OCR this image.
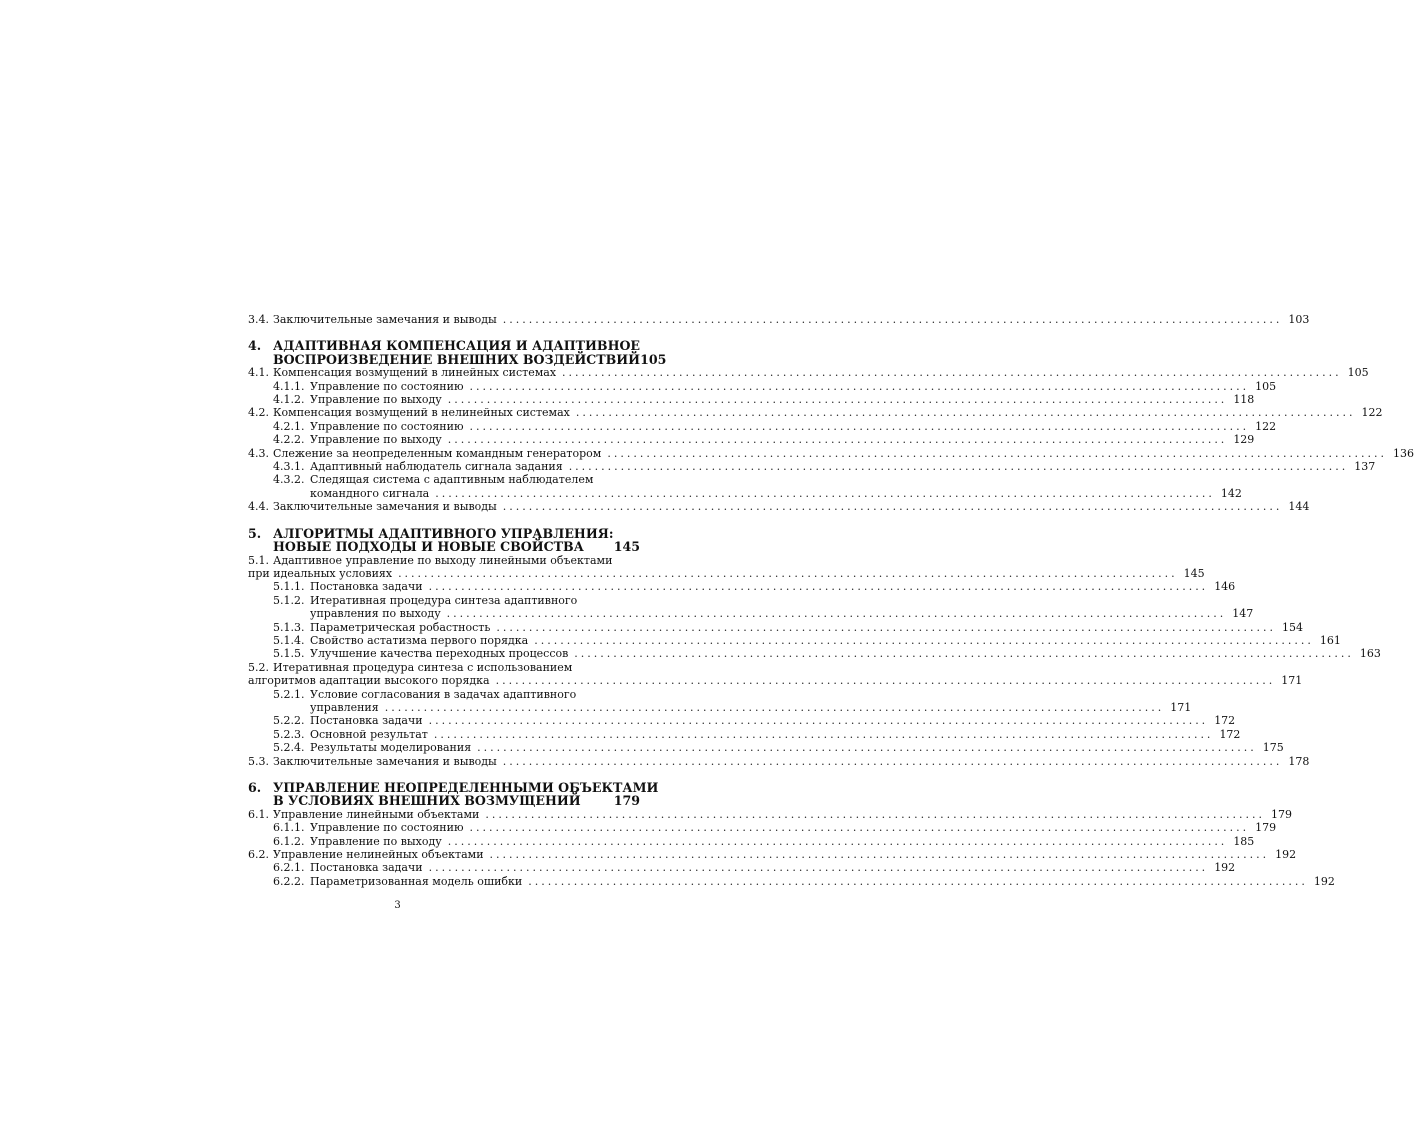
3.4. Заключительные замечания и выводы ........................................................................................................................ 103
4. АДАПТИВНАЯ КОМПЕНСАЦИЯ И АДАПТИВНОЕ
ВОСПРОИЗВЕДЕНИЕ ВНЕШНИХ ВОЗДЕЙСТВИЙ 105
4.1. Компенсация возмущений в линейных системах ........................................................................................................................ 105
4.1.1. Управление по состоянию ........................................................................................................................ 105
4.1.2. Управление по выходу ........................................................................................................................ 118
4.2. Компенсация возмущений в нелинейных системах ........................................................................................................................ 122
4.2.1. Управление по состоянию ........................................................................................................................ 122
4.2.2. Управление по выходу ........................................................................................................................ 129
4.3. Слежение за неопределенным командным генератором ........................................................................................................................ 136
4.3.1. Адаптивный наблюдатель сигнала задания ........................................................................................................................ 137
4.3.2. Следящая система с адаптивным наблюдателем
командного сигнала ........................................................................................................................ 142
4.4. Заключительные замечания и выводы ........................................................................................................................ 144
5. АЛГОРИТМЫ АДАПТИВНОГО УПРАВЛЕНИЯ:
НОВЫЕ ПОДХОДЫ И НОВЫЕ СВОЙСТВА 145
5.1. Адаптивное управление по выходу линейными объектами
при идеальных условиях ........................................................................................................................ 145
5.1.1. Постановка задачи ........................................................................................................................ 146
5.1.2. Итеративная процедура синтеза адаптивного
управления по выходу ........................................................................................................................ 147
5.1.3. Параметрическая робастность ........................................................................................................................ 154
5.1.4. Свойство астатизма первого порядка ........................................................................................................................ 161
5.1.5. Улучшение качества переходных процессов ........................................................................................................................ 163
5.2. Итеративная процедура синтеза с использованием
алгоритмов адаптации высокого порядка ........................................................................................................................ 171
5.2.1. Условие согласования в задачах адаптивного
управления ........................................................................................................................ 171
5.2.2. Постановка задачи ........................................................................................................................ 172
5.2.3. Основной результат ........................................................................................................................ 172
5.2.4. Результаты моделирования ........................................................................................................................ 175
5.3. Заключительные замечания и выводы ........................................................................................................................ 178
6. УПРАВЛЕНИЕ НЕОПРЕДЕЛЕННЫМИ ОБЪЕКТАМИ
В УСЛОВИЯХ ВНЕШНИХ ВОЗМУЩЕНИЙ	179
6.1. Управление линейными объектами ........................................................................................................................ 179
6.1.1. Управление по состоянию ........................................................................................................................ 179
6.1.2. Управление по выходу ........................................................................................................................ 185
6.2. Управление нелинейных объектами ........................................................................................................................ 192
6.2.1. Постановка задачи ........................................................................................................................ 192
6.2.2. Параметризованная модель ошибки ........................................................................................................................ 192
3
